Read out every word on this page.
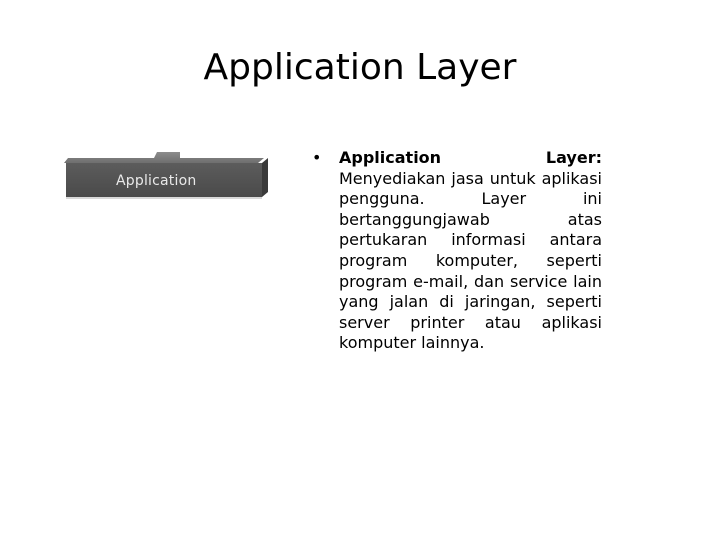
Application Layer
Application
• Application Layer: Menyediakan jasa untuk aplikasi pengguna. Layer ini bertanggungjawab atas pertukaran informasi antara program komputer, seperti program e-mail, dan service lain yang jalan di jaringan, seperti server printer atau aplikasi komputer lainnya.
